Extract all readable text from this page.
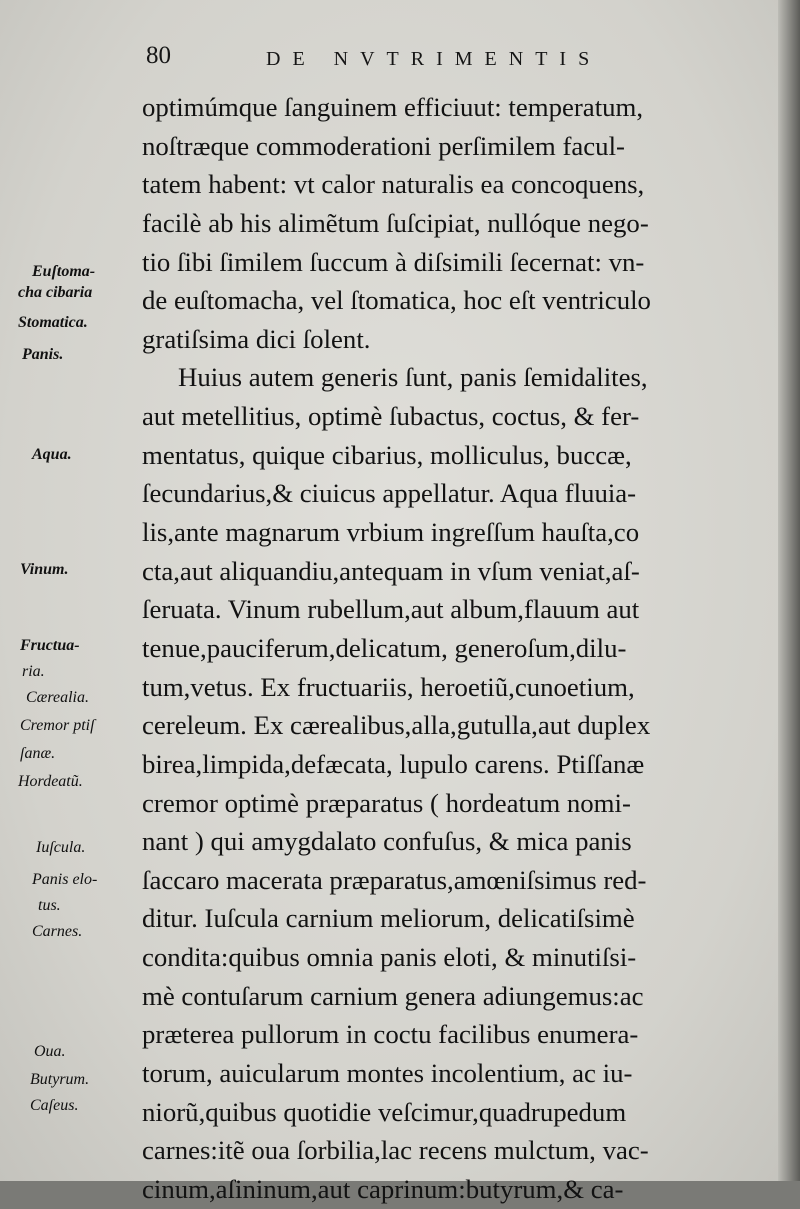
80	DE NVTRIMENTIS
optimúmque ſanguinem efficiuut: temperatum,
noſtræque commoderationi perſimilem facul-
tatem habent: vt calor naturalis ea concoquens,
facilè ab his alimẽtum ſuſcipiat, nullóque nego-
tio ſibi ſimilem ſuccum à diſsimili ſecernat: vn-
de euſtomacha, vel ſtomatica, hoc eſt ventriculo
gratiſsima dici ſolent.
Huius autem generis ſunt, panis ſemidalites,
aut metellitius, optimè ſubactus, coctus, & fer-
mentatus, quique cibarius, molliculus, buccæ,
ſecundarius,& ciuicus appellatur. Aqua fluuia-
lis,ante magnarum vrbium ingreſſum hauſta,co
cta,aut aliquandiu,antequam in vſum veniat,aſ-
ſeruata. Vinum rubellum,aut album,flauum aut
tenue,pauciferum,delicatum, generoſum,dilu-
tum,vetus. Ex fructuariis, heroetiũ,cunoetium,
cereleum. Ex cærealibus,alla,gutulla,aut duplex
birea,limpida,defæcata, lupulo carens. Ptiſſanæ
cremor optimè præparatus ( hordeatum nomi-
nant ) qui amygdalato confuſus, & mica panis
ſaccaro macerata præparatus,amœniſsimus red-
ditur. Iuſcula carnium meliorum, delicatiſsimè
condita:quibus omnia panis eloti, & minutiſsi-
mè contuſarum carnium genera adiungemus:ac
præterea pullorum in coctu facilibus enumera-
torum, auicularum montes incolentium, ac iu-
niorũ,quibus quotidie veſcimur,quadrupedum
carnes:itẽ oua ſorbilia,lac recens mulctum, vac-
cinum,aſininum,aut caprinum:butyrum,& ca-
Euſtoma-
cha cibaria
Stomatica.
Panis.
Aqua.
Vinum.
Fructua-
ria.
Cærealia.
Cremor ptiſ
ſanæ.
Hordeatũ.
Iuſcula.
Panis elo-
tus.
Carnes.
Oua.
Butyrum.
Caſeus.
